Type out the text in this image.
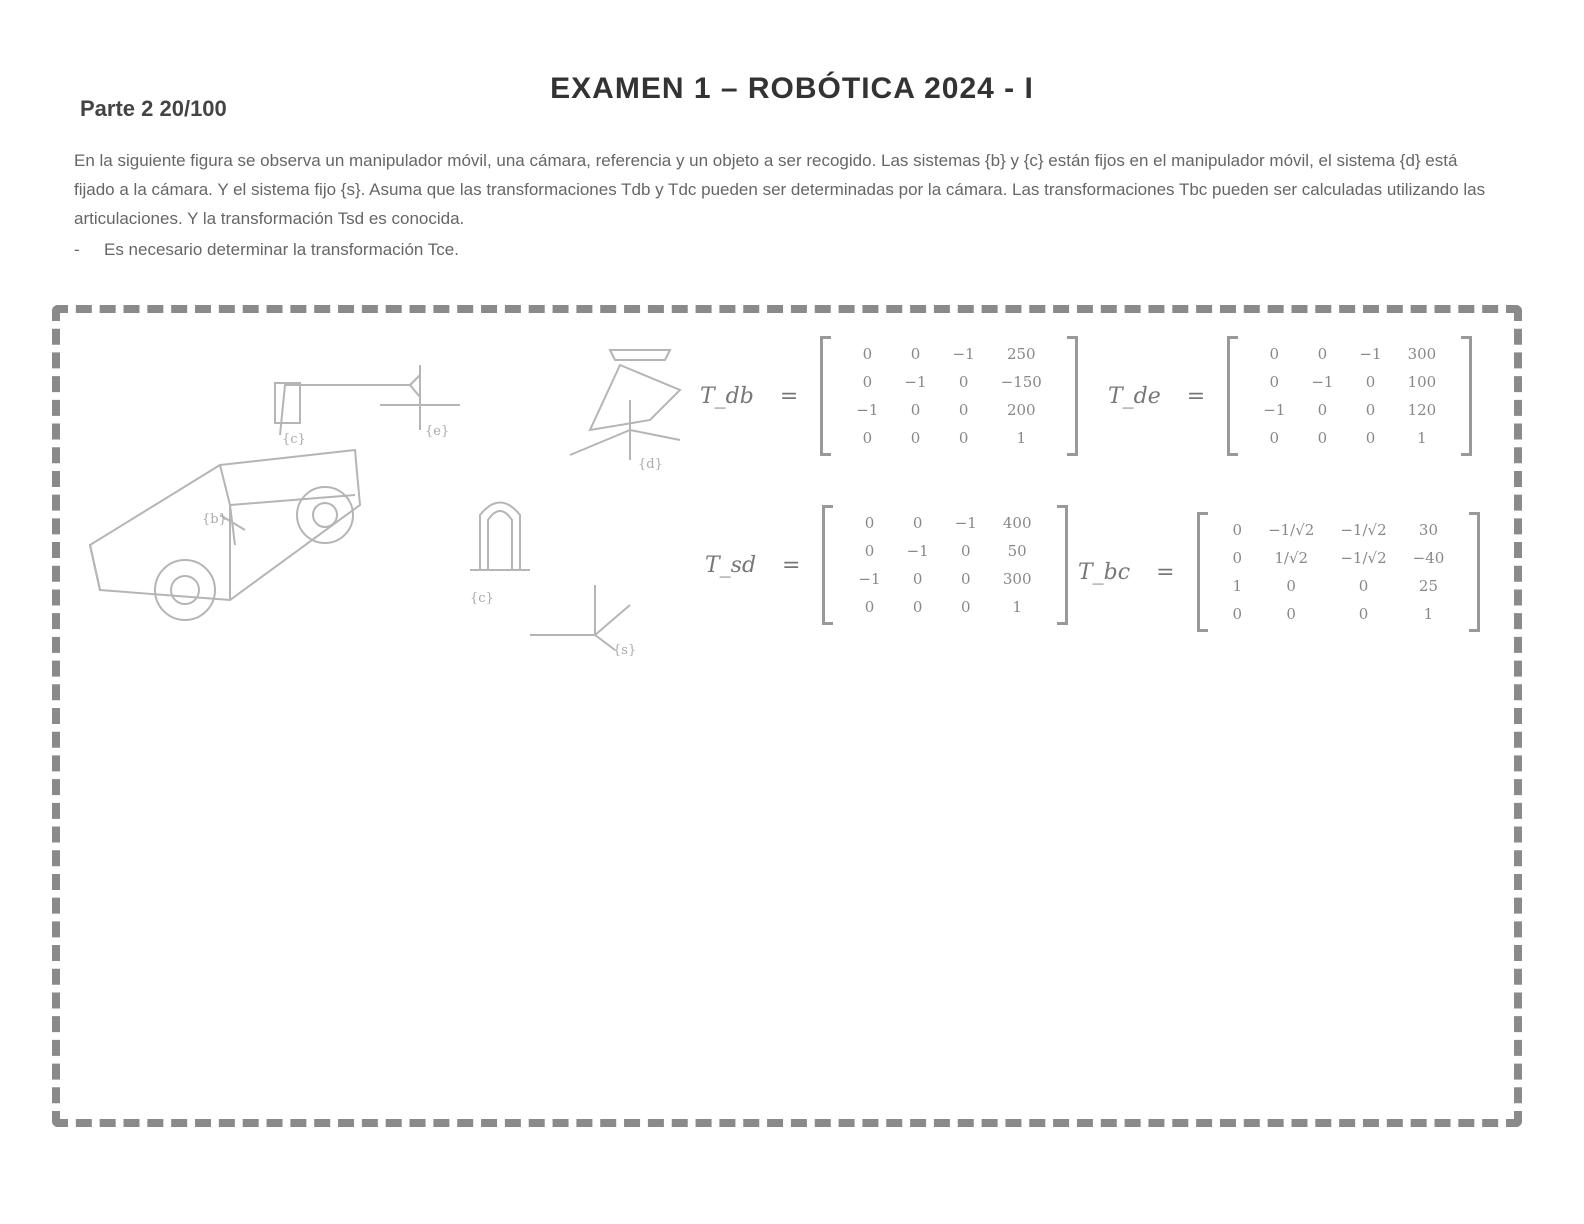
EXAMEN 1 – ROBÓTICA 2024 - I
Parte 2 20/100

En la siguiente figura se observa un manipulador móvil, una cámara, referencia y un objeto a ser recogido. Las sistemas {b} y {c} están fijos en el manipulador móvil, el sistema {d} está fijado a la cámara. Y el sistema fijo {s}. Asuma que las transformaciones Tdb y Tdc pueden ser determinadas por la cámara. Las transformaciones Tbc pueden ser calculadas utilizando las articulaciones. Y la transformación Tsd es conocida.

-	Es necesario determinar la transformación Tce.
{b}
{e}
{c}
{d}
{c}
{s}
T_db =
0	0	−1	250
0	−1	0	−150
−1	0	0	200
0	0	0	1
T_de =
0	0	−1	300
0	−1	0	100
−1	0	0	120
0	0	0	1
T_sd =
0	0	−1	400
0	−1	0	50
−1	0	0	300
0	0	0	1
T_bc =
0	−1/√2	−1/√2	30
0	1/√2	−1/√2	−40
1	0	0	25
0	0	0	1
